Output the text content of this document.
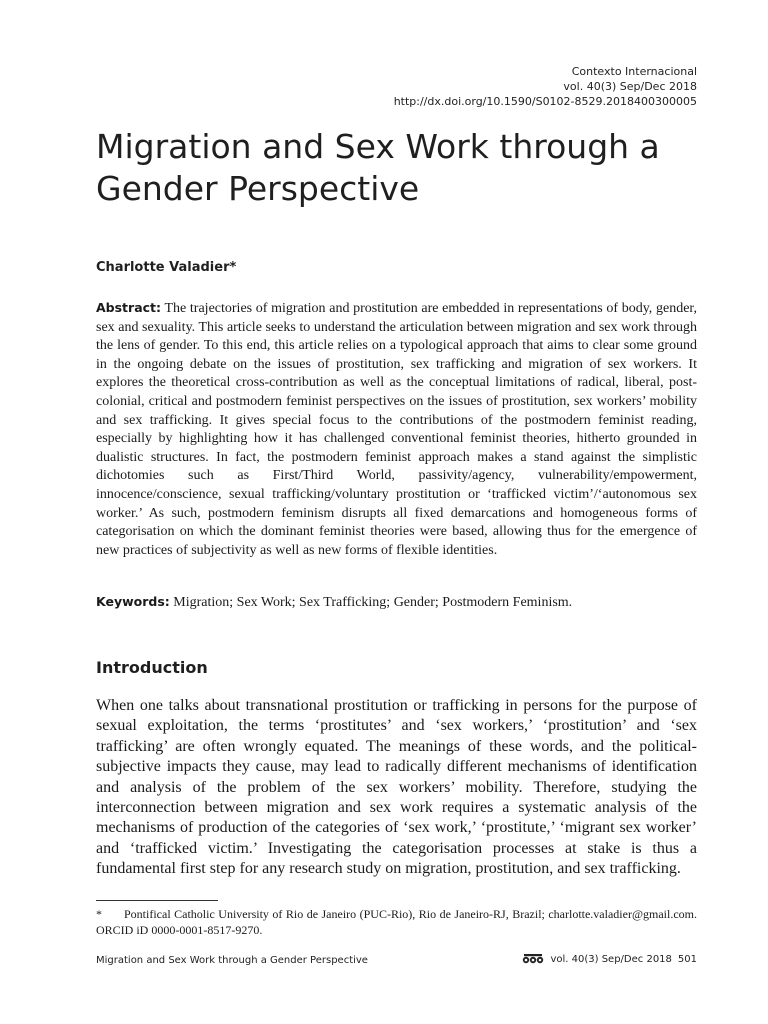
Contexto Internacional
vol. 40(3) Sep/Dec 2018
http://dx.doi.org/10.1590/S0102-8529.2018400300005
Migration and Sex Work through a
Gender Perspective
Charlotte Valadier*

Abstract: The trajectories of migration and prostitution are embedded in representations of body, gender, sex and sexuality. This article seeks to understand the articulation between migration and sex work through the lens of gender. To this end, this article relies on a typological approach that aims to clear some ground in the ongoing debate on the issues of prostitution, sex trafficking and migration of sex workers. It explores the theoretical cross-contribution as well as the conceptual limitations of radical, liberal, post-colonial, critical and postmodern feminist perspectives on the issues of prostitution, sex workers’ mobility and sex trafficking. It gives special focus to the contributions of the postmodern feminist reading, especially by highlighting how it has challenged conventional feminist theories, hitherto grounded in dualistic structures. In fact, the postmodern feminist approach makes a stand against the simplistic dichotomies such as First/Third World, passivity/agency, vulnerability/empowerment, innocence/conscience, sexual trafficking/voluntary prostitution or ‘trafficked victim’/‘autonomous sex worker.’ As such, postmodern feminism disrupts all fixed demarcations and homogeneous forms of categorisation on which the dominant feminist theories were based, allowing thus for the emergence of new practices of subjectivity as well as new forms of flexible identities.

Keywords: Migration; Sex Work; Sex Trafficking; Gender; Postmodern Feminism.

Introduction

When one talks about transnational prostitution or trafficking in persons for the purpose of sexual exploitation, the terms ‘prostitutes’ and ‘sex workers,’ ‘prostitution’ and ‘sex trafficking’ are often wrongly equated. The meanings of these words, and the political-subjective impacts they cause, may lead to radically different mechanisms of identification and analysis of the problem of the sex workers’ mobility. Therefore, studying the interconnection between migration and sex work requires a systematic analysis of the mechanisms of production of the categories of ‘sex work,’ ‘prostitute,’ ‘migrant sex worker’ and ‘trafficked victim.’ Investigating the categorisation processes at stake is thus a fundamental first step for any research study on migration, prostitution, and sex trafficking.

* Pontifical Catholic University of Rio de Janeiro (PUC-Rio), Rio de Janeiro-RJ, Brazil; charlotte.valadier@gmail.com. ORCID iD 0000-0001-8517-9270.

Migration and Sex Work through a Gender Perspective	vol. 40(3) Sep/Dec 2018 501
